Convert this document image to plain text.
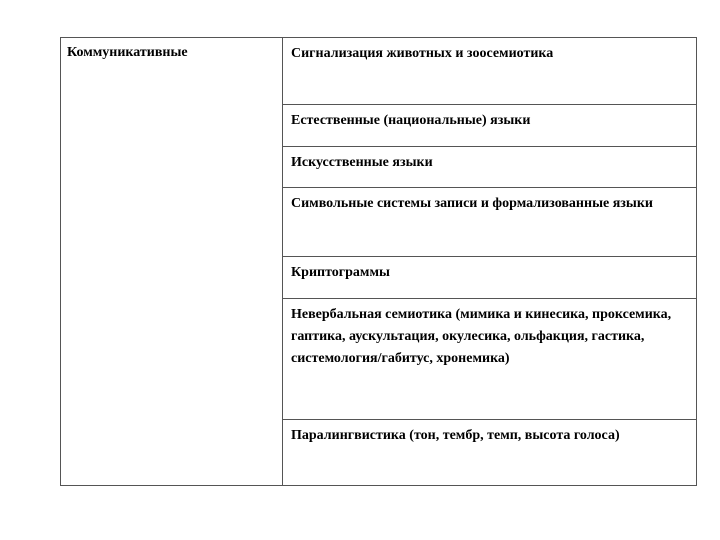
Коммуникативные	Сигнализация животных и зоосемиотика
Естественные (национальные) языки
Искусственные языки
Символьные системы записи и формализованные языки
Криптограммы
Невербальная семиотика (мимика и кинесика, проксемика, гаптика, аускультация, окулесика, ольфакция, гастика, системология/габитус, хронемика)
Паралингвистика (тон, тембр, темп, высота голоса)
